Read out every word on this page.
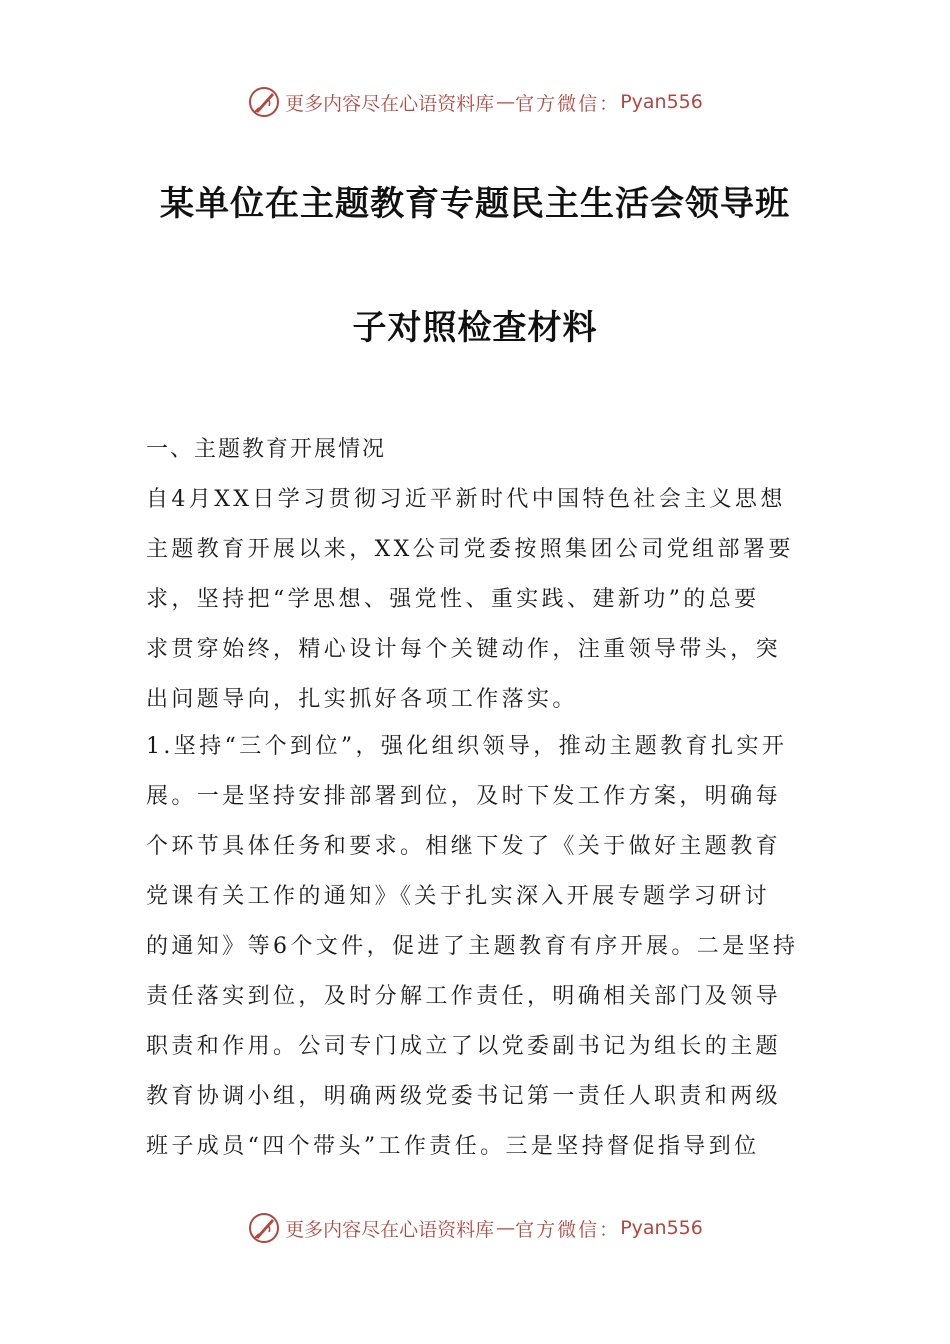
更多内容尽在心语资料库 — 官方微信： Pyan556
某单位在主题教育专题民主生活会领导班
子对照检查材料
一、主题教育开展情况
自4月XX日学习贯彻习近平新时代中国特色社会主义思想
主题教育开展以来，XX公司党委按照集团公司党组部署要
求，坚持把“学思想、强党性、重实践、建新功”的总要
求贯穿始终，精心设计每个关键动作，注重领导带头，突
出问题导向，扎实抓好各项工作落实。
1.坚持“三个到位”，强化组织领导，推动主题教育扎实开
展。一是坚持安排部署到位，及时下发工作方案，明确每
个环节具体任务和要求。相继下发了《关于做好主题教育
党课有关工作的通知》《关于扎实深入开展专题学习研讨
的通知》等6个文件，促进了主题教育有序开展。二是坚持
责任落实到位，及时分解工作责任，明确相关部门及领导
职责和作用。公司专门成立了以党委副书记为组长的主题
教育协调小组，明确两级党委书记第一责任人职责和两级
班子成员“四个带头”工作责任。三是坚持督促指导到位
更多内容尽在心语资料库 — 官方微信： Pyan556
